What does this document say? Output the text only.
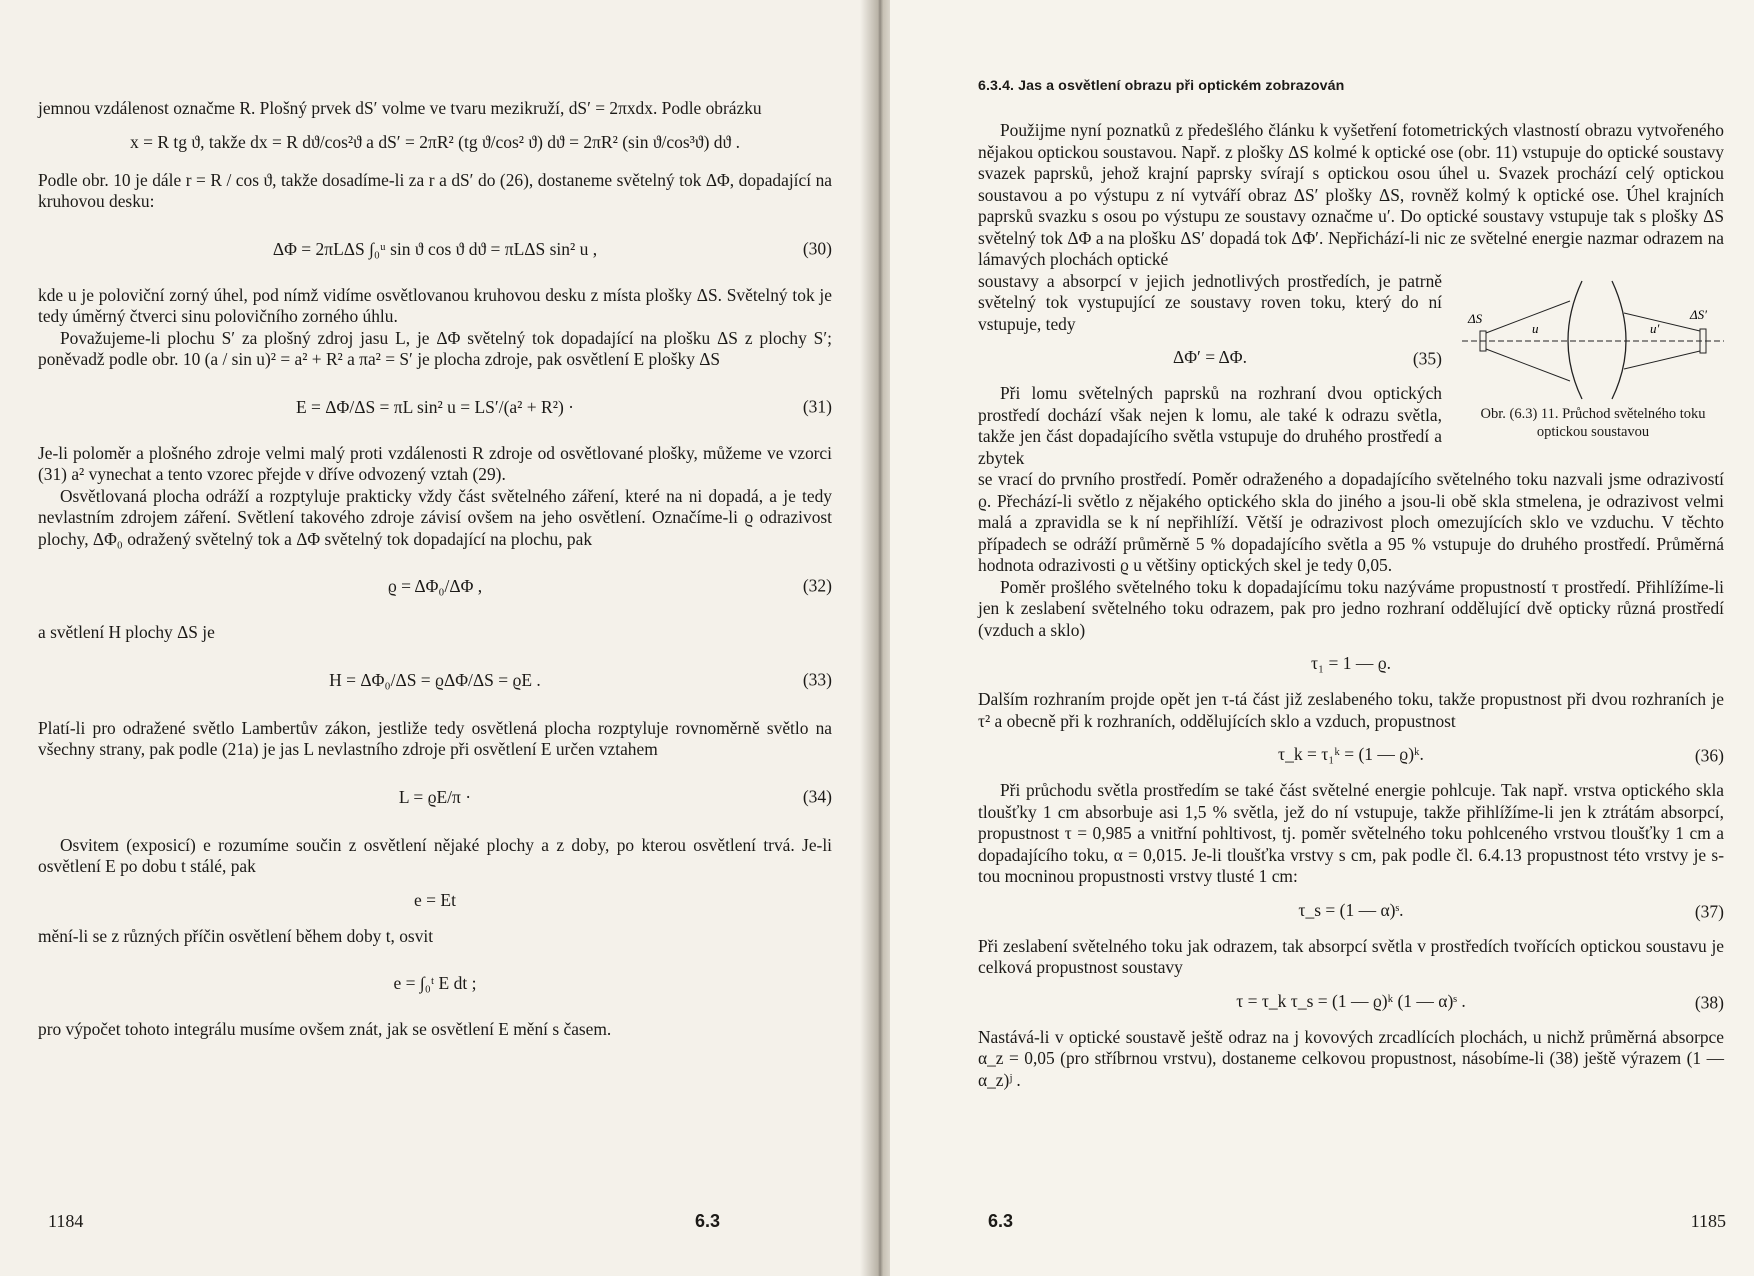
jemnou vzdálenost označme R. Plošný prvek dS′ volme ve tvaru mezikruží, dS′ = 2πxdx. Podle obrázku

x = R tg ϑ, takže dx = R dϑ/cos²ϑ a dS′ = 2πR² (tg ϑ/cos² ϑ) dϑ = 2πR² (sin ϑ/cos³ϑ) dϑ .

Podle obr. 10 je dále r = R / cos ϑ, takže dosadíme-li za r a dS′ do (26), dostaneme světelný tok ΔΦ, dopadající na kruhovou desku:

ΔΦ = 2πLΔS ∫₀ᵘ sin ϑ cos ϑ dϑ = πLΔS sin² u ,	(30)

kde u je poloviční zorný úhel, pod nímž vidíme osvětlovanou kruhovou desku z místa plošky ΔS. Světelný tok je tedy úměrný čtverci sinu polovičního zorného úhlu.

Považujeme-li plochu S′ za plošný zdroj jasu L, je ΔΦ světelný tok dopadající na plošku ΔS z plochy S′; poněvadž podle obr. 10 (a / sin u)² = a² + R² a πa² = S′ je plocha zdroje, pak osvětlení E plošky ΔS

E = ΔΦ/ΔS = πL sin² u = LS′/(a² + R²) ·	(31)

Je-li poloměr a plošného zdroje velmi malý proti vzdálenosti R zdroje od osvětlované plošky, můžeme ve vzorci (31) a² vynechat a tento vzorec přejde v dříve odvozený vztah (29).

Osvětlovaná plocha odráží a rozptyluje prakticky vždy část světelného záření, které na ni dopadá, a je tedy nevlastním zdrojem záření. Světlení takového zdroje závisí ovšem na jeho osvětlení. Označíme-li ϱ odrazivost plochy, ΔΦ₀ odražený světelný tok a ΔΦ světelný tok dopadající na plochu, pak

ϱ = ΔΦ₀/ΔΦ ,	(32)

a světlení H plochy ΔS je

H = ΔΦ₀/ΔS = ϱΔΦ/ΔS = ϱE .	(33)

Platí-li pro odražené světlo Lambertův zákon, jestliže tedy osvětlená plocha rozptyluje rovnoměrně světlo na všechny strany, pak podle (21a) je jas L nevlastního zdroje při osvětlení E určen vztahem

L = ϱE/π ·	(34)

Osvitem (exposicí) e rozumíme součin z osvětlení nějaké plochy a z doby, po kterou osvětlení trvá. Je-li osvětlení E po dobu t stálé, pak

e = Et

mění-li se z různých příčin osvětlení během doby t, osvit

e = ∫₀ᵗ E dt ;

pro výpočet tohoto integrálu musíme ovšem znát, jak se osvětlení E mění s časem.

1184	6.3
6.3.4. Jas a osvětlení obrazu při optickém zobrazován

Použijme nyní poznatků z předešlého článku k vyšetření fotometrických vlastností obrazu vytvořeného nějakou optickou soustavou. Např. z plošky ΔS kolmé k optické ose (obr. 11) vstupuje do optické soustavy svazek paprsků, jehož krajní paprsky svírají s optickou osou úhel u. Svazek prochází celý optickou soustavou a po výstupu z ní vytváří obraz ΔS′ plošky ΔS, rovněž kolmý k optické ose. Úhel krajních paprsků svazku s osou po výstupu ze soustavy označme u′. Do optické soustavy vstupuje tak s plošky ΔS světelný tok ΔΦ a na plošku ΔS′ dopadá tok ΔΦ′. Nepřichází-li nic ze světelné energie nazmar odrazem na lámavých plochách optické

soustavy a absorpcí v jejich jednotlivých prostředích, je patrně světelný tok vystupující ze soustavy roven toku, který do ní vstupuje, tedy

ΔΦ′ = ΔΦ.	(35)

Při lomu světelných paprsků na rozhraní dvou optických prostředí dochází však nejen k lomu, ale také k odrazu světla, takže jen část dopadajícího světla vstupuje do druhého prostředí a zbytek

ΔS
u	u′
ΔS′
Obr. (6.3) 11. Průchod světelného toku optickou soustavou

se vrací do prvního prostředí. Poměr odraženého a dopadajícího světelného toku nazvali jsme odrazivostí ϱ. Přechází-li světlo z nějakého optického skla do jiného a jsou-li obě skla stmelena, je odrazivost velmi malá a zpravidla se k ní nepřihlíží. Větší je odrazivost ploch omezujících sklo ve vzduchu. V těchto případech se odráží průměrně 5 % dopadajícího světla a 95 % vstupuje do druhého prostředí. Průměrná hodnota odrazivosti ϱ u většiny optických skel je tedy 0,05.

Poměr prošlého světelného toku k dopadajícímu toku nazýváme propustností τ prostředí. Přihlížíme-li jen k zeslabení světelného toku odrazem, pak pro jedno rozhraní oddělující dvě opticky různá prostředí (vzduch a sklo)

τ₁ = 1 — ϱ.

Dalším rozhraním projde opět jen τ-tá část již zeslabeného toku, takže propustnost při dvou rozhraních je τ² a obecně při k rozhraních, oddělujících sklo a vzduch, propustnost

τ_k = τ₁ᵏ = (1 — ϱ)ᵏ.	(36)

Při průchodu světla prostředím se také část světelné energie pohlcuje. Tak např. vrstva optického skla tloušťky 1 cm absorbuje asi 1,5 % světla, jež do ní vstupuje, takže přihlížíme-li jen k ztrátám absorpcí, propustnost τ = 0,985 a vnitřní pohltivost, tj. poměr světelného toku pohlceného vrstvou tloušťky 1 cm a dopadajícího toku, α = 0,015. Je-li tloušťka vrstvy s cm, pak podle čl. 6.4.13 propustnost této vrstvy je s-tou mocninou propustnosti vrstvy tlusté 1 cm:

τ_s = (1 — α)ˢ.	(37)

Při zeslabení světelného toku jak odrazem, tak absorpcí světla v prostředích tvořících optickou soustavu je celková propustnost soustavy

τ = τ_k τ_s = (1 — ϱ)ᵏ (1 — α)ˢ .	(38)

Nastává-li v optické soustavě ještě odraz na j kovových zrcadlících plochách, u nichž průměrná absorpce α_z = 0,05 (pro stříbrnou vrstvu), dostaneme celkovou propustnost, násobíme-li (38) ještě výrazem (1 — α_z)ʲ .

6.3	1185
